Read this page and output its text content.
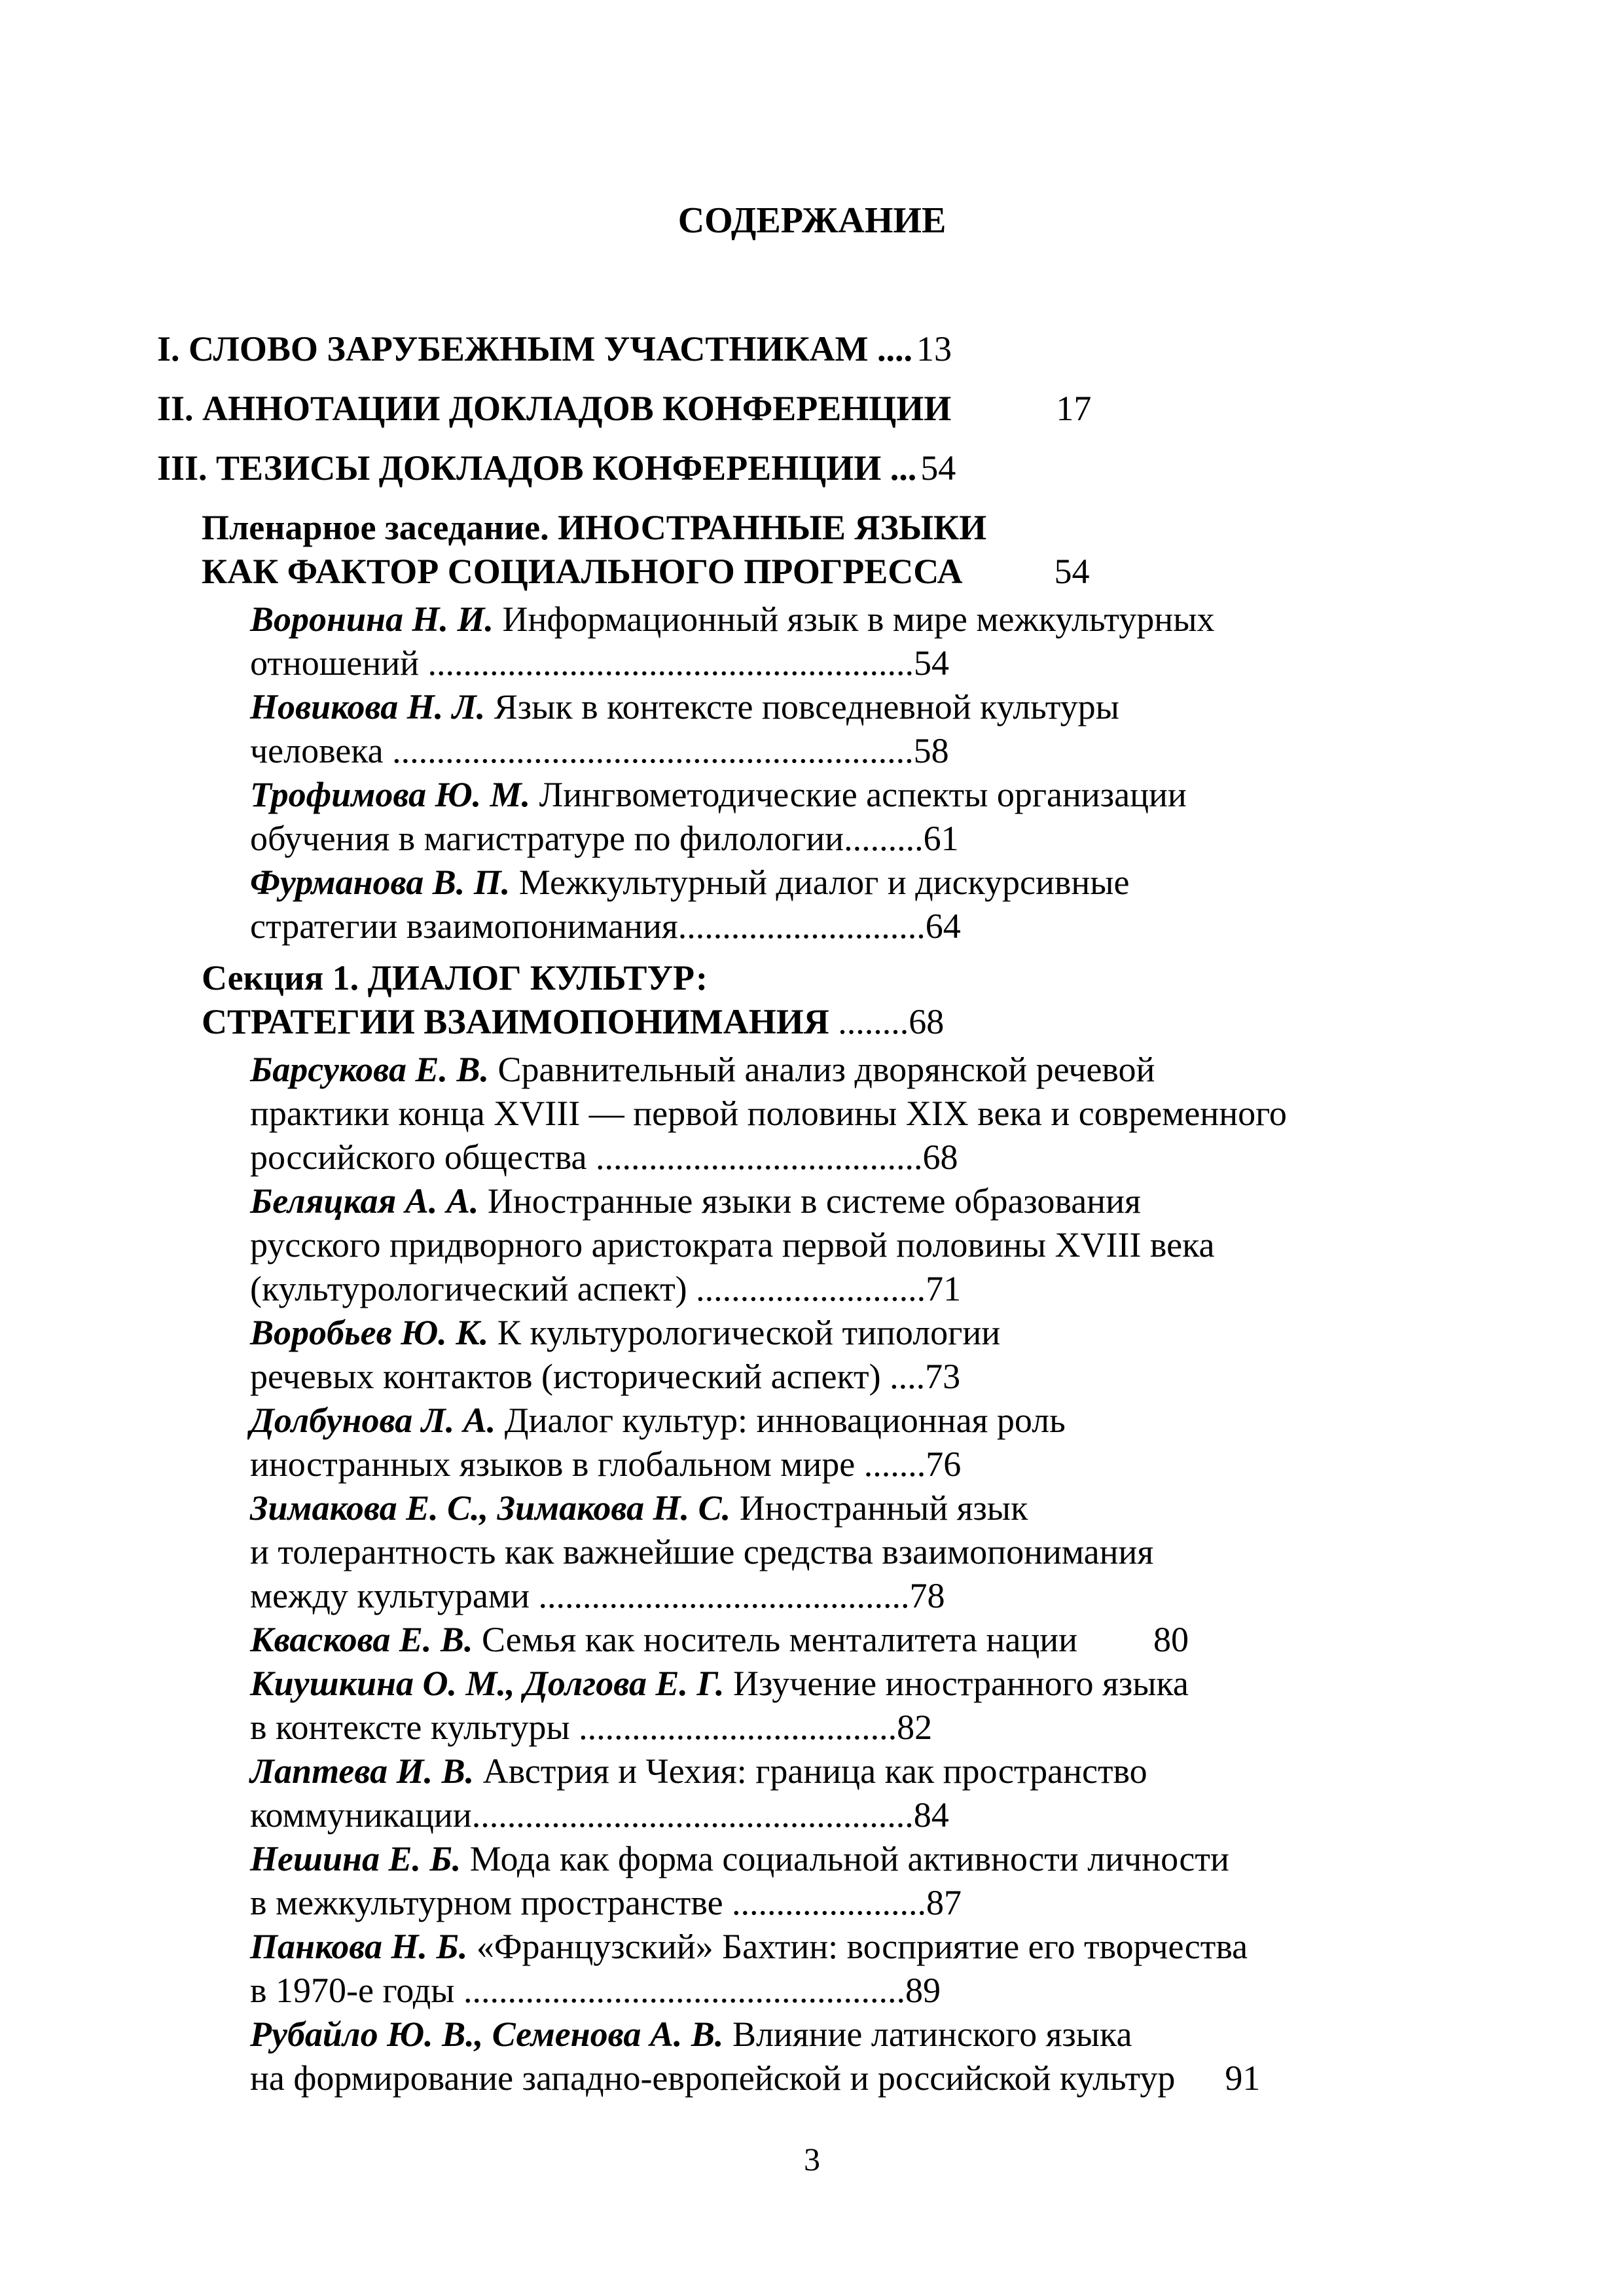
СОДЕРЖАНИЕ
I. СЛОВО ЗАРУБЕЖНЫМ УЧАСТНИКАМ .... 13
II. АННОТАЦИИ ДОКЛАДОВ КОНФЕРЕНЦИИ	17
III. ТЕЗИСЫ ДОКЛАДОВ КОНФЕРЕНЦИИ ... 54
Пленарное заседание. ИНОСТРАННЫЕ ЯЗЫКИ
КАК ФАКТОР СОЦИАЛЬНОГО ПРОГРЕССА	54
Воронина Н. И. Информационный язык в мире межкультурных
отношений .......................................................54
Новикова Н. Л. Язык в контексте повседневной культуры
человека ...........................................................58
Трофимова Ю. М. Лингвометодические аспекты организации
обучения в магистратуре по филологии.........61
Фурманова В. П. Межкультурный диалог и дискурсивные
стратегии взаимопонимания............................64
Секция 1. ДИАЛОГ КУЛЬТУР:
СТРАТЕГИИ ВЗАИМОПОНИМАНИЯ ........68
Барсукова Е. В. Сравнительный анализ дворянской речевой
практики конца XVIII — первой половины XIX века и современного
российского общества .....................................68
Беляцкая А. А. Иностранные языки в системе образования
русского придворного аристократа первой половины XVIII века
(культурологический аспект) ..........................71
Воробьев Ю. К. К культурологической типологии
речевых контактов (исторический аспект) ....73
Долбунова Л. А. Диалог культур: инновационная роль
иностранных языков в глобальном мире .......76
Зимакова Е. С., Зимакова Н. С. Иностранный язык
и толерантность как важнейшие средства взаимопонимания
между культурами ..........................................78
Кваскова Е. В. Семья как носитель менталитета нации 80
Киушкина О. М., Долгова Е. Г. Изучение иностранного языка
в контексте культуры ....................................82
Лаптева И. В. Австрия и Чехия: граница как пространство
коммуникации..................................................84
Нешина Е. Б. Мода как форма социальной активности личности
в межкультурном пространстве ......................87
Панкова Н. Б. «Французский» Бахтин: восприятие его творчества
в 1970-е годы ..................................................89
Рубайло Ю. В., Семенова А. В. Влияние латинского языка
на формирование западно-европейской и российской культур 91
3
